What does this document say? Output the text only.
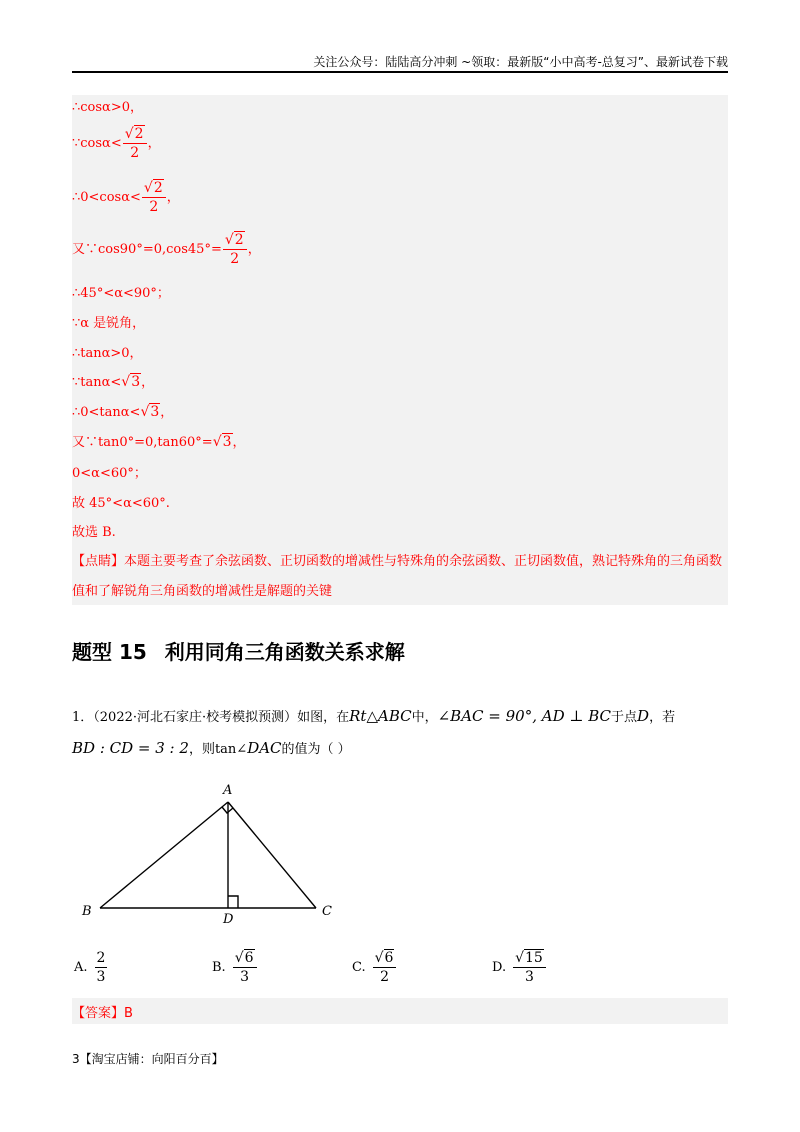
关注公众号：陆陆高分冲刺 ~领取：最新版“小中高考-总复习”、最新试卷下载
∴cosα>0，
∵cosα< $\frac{√2}{2}$ ，
∴0<cosα< $\frac{√2}{2}$ ，
又∵cos90°=0,cos45°= $\frac{√2}{2}$ ，
∴45°<α<90°；
∵α 是锐角，
∴tanα>0，
∵tanα<√3，
∴0<tanα<√3，
又∵tan0°=0,tan60°=√3，
0<α<60°；
故 45°<α<60°.
故选 B.
【点睛】本题主要考查了余弦函数、正切函数的增减性与特殊角的余弦函数、正切函数值，熟记特殊角的三角函数值和了解锐角三角函数的增减性是解题的关键
题型 15 利用同角三角函数关系求解
1．（2022·河北石家庄·校考模拟预测）如图，在Rt△ABC中，∠BAC = 90°, AD ⊥ BC于点D，若
BD : CD = 3 : 2，则tan∠DAC的值为（ ）
A
B	C
D
A. $\frac{2}{3}$	B. $\frac{√6}{3}$	C. $\frac{√6}{2}$	D. $\frac{√15}{3}$
【答案】B
3【淘宝店铺：向阳百分百】
